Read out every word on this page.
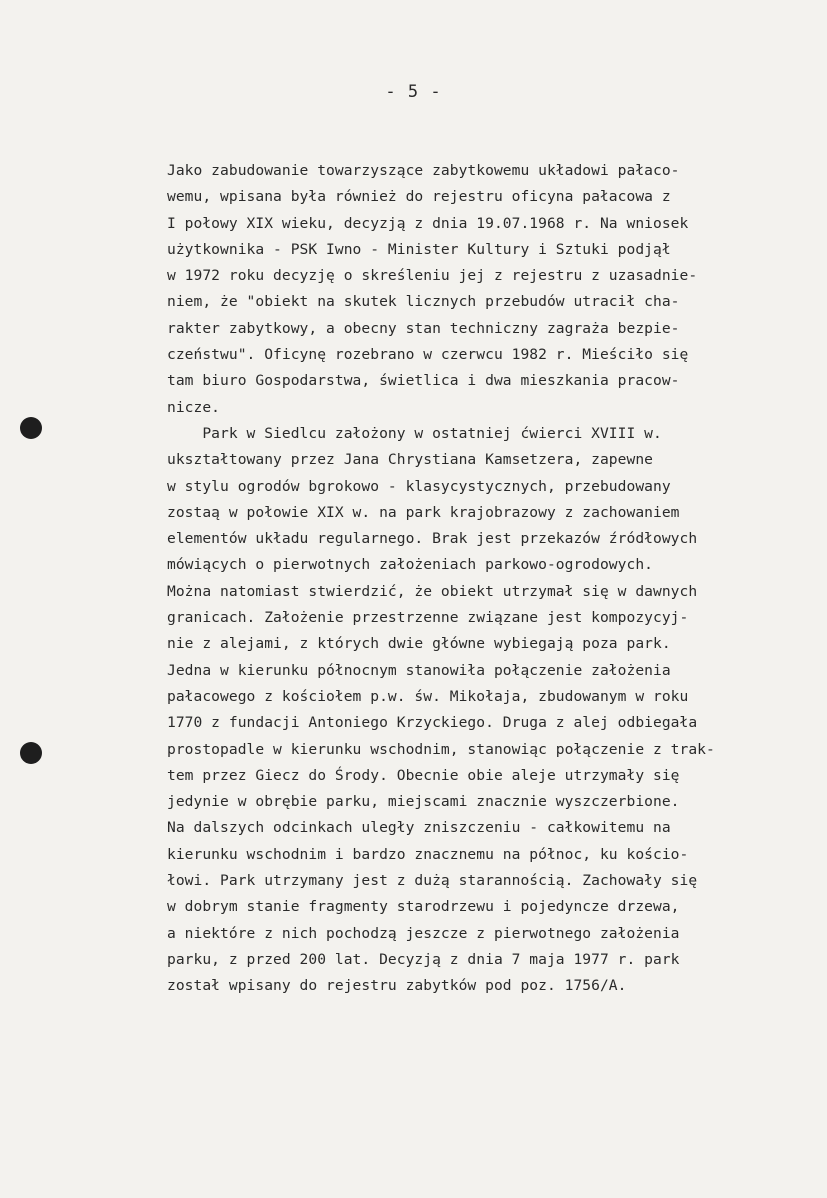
- 5 -
Jako zabudowanie towarzyszące zabytkowemu układowi pałaco-
wemu, wpisana była również do rejestru oficyna pałacowa z
I połowy XIX wieku, decyzją z dnia 19.07.1968 r. Na wniosek
użytkownika - PSK Iwno - Minister Kultury i Sztuki podjął
w 1972 roku decyzję o skreśleniu jej z rejestru z uzasadnie-
niem, że "obiekt na skutek licznych przebudów utracił cha-
rakter zabytkowy, a obecny stan techniczny zagraża bezpie-
czeństwu". Oficynę rozebrano w czerwcu 1982 r. Mieściło się
tam biuro Gospodarstwa, świetlica i dwa mieszkania pracow-
nicze.
Park w Siedlcu założony w ostatniej ćwierci XVIII w.
ukształtowany przez Jana Chrystiana Kamsetzera, zapewne
w stylu ogrodów bgrokowo - klasycystycznych, przebudowany
zostaą w połowie XIX w. na park krajobrazowy z zachowaniem
elementów układu regularnego. Brak jest przekazów źródłowych
mówiących o pierwotnych założeniach parkowo-ogrodowych.
Można natomiast stwierdzić, że obiekt utrzymał się w dawnych
granicach. Założenie przestrzenne związane jest kompozycyj-
nie z alejami, z których dwie główne wybiegają poza park.
Jedna w kierunku północnym stanowiła połączenie założenia
pałacowego z kościołem p.w. św. Mikołaja, zbudowanym w roku
1770 z fundacji Antoniego Krzyckiego. Druga z alej odbiegała
prostopadle w kierunku wschodnim, stanowiąc połączenie z trak-
tem przez Giecz do Środy. Obecnie obie aleje utrzymały się
jedynie w obrębie parku, miejscami znacznie wyszczerbione.
Na dalszych odcinkach uległy zniszczeniu - całkowitemu na
kierunku wschodnim i bardzo znacznemu na północ, ku kościo-
łowi. Park utrzymany jest z dużą starannością. Zachowały się
w dobrym stanie fragmenty starodrzewu i pojedyncze drzewa,
a niektóre z nich pochodzą jeszcze z pierwotnego założenia
parku, z przed 200 lat. Decyzją z dnia 7 maja 1977 r. park
został wpisany do rejestru zabytków pod poz. 1756/A.
